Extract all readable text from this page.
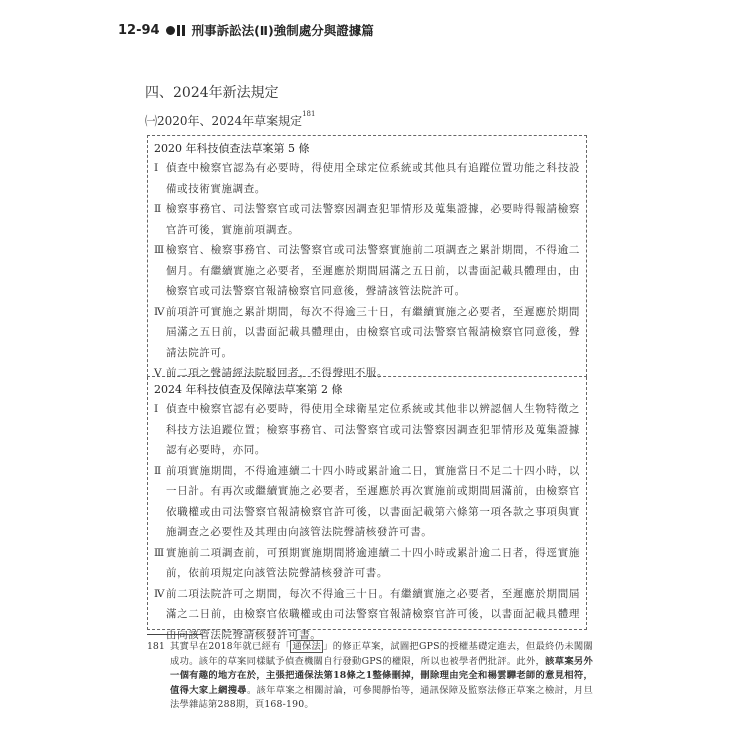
12-94	刑事訴訟法(Ⅱ)強制處分與證據篇
四、2024年新法規定
㈠2020年、2024年草案規定$^{181}$
2020 年科技偵查法草案第 5 條
Ⅰ 偵查中檢察官認為有必要時，得使用全球定位系統或其他具有追蹤位置功能之科技設備或技術實施調查。
Ⅱ 檢察事務官、司法警察官或司法警察因調查犯罪情形及蒐集證據，必要時得報請檢察官許可後，實施前項調查。
Ⅲ 檢察官、檢察事務官、司法警察官或司法警察實施前二項調查之累計期間，不得逾二個月。有繼續實施之必要者，至遲應於期間屆滿之五日前，以書面記載具體理由，由檢察官或司法警察官報請檢察官同意後，聲請該管法院許可。
Ⅳ 前項許可實施之累計期間，每次不得逾三十日，有繼續實施之必要者，至遲應於期間屆滿之五日前，以書面記載具體理由，由檢察官或司法警察官報請檢察官同意後，聲請法院許可。
Ⅴ 前二項之聲請經法院駁回者，不得聲明不服。
2024 年科技偵查及保障法草案第 2 條
Ⅰ 偵查中檢察官認有必要時，得使用全球衛星定位系統或其他非以辨認個人生物特徵之科技方法追蹤位置；檢察事務官、司法警察官或司法警察因調查犯罪情形及蒐集證據認有必要時，亦同。
Ⅱ 前項實施期間，不得逾連續二十四小時或累計逾二日，實施當日不足二十四小時，以一日計。有再次或繼續實施之必要者，至遲應於再次實施前或期間屆滿前，由檢察官依職權或由司法警察官報請檢察官許可後，以書面記載第六條第一項各款之事項與實施調查之必要性及其理由向該管法院聲請核發許可書。
Ⅲ 實施前二項調查前，可預期實施期間將逾連續二十四小時或累計逾二日者，得逕實施前，依前項規定向該管法院聲請核發許可書。
Ⅳ 前二項法院許可之期間，每次不得逾三十日。有繼續實施之必要者，至遲應於期間屆滿之二日前，由檢察官依職權或由司法警察官報請檢察官許可後，以書面記載具體理由向該管法院聲請核發許可書。
181 其實早在2018年就已經有「 通保法 」的修正草案，試圖把GPS的授權基礎定進去，但最終仍未闖關成功。該年的草案同樣賦予偵查機關自行發動GPS的權限，所以也被學者們批評。此外，該草案另外一個有趣的地方在於，主張把通保法第18條之1整條刪掉，刪除理由完全和楊雲驊老師的意見相符，值得大家上網搜尋。該年草案之相關討論，可參閱靜怡等，通訊保障及監察法修正草案之檢討，月旦法學雜誌第288期，頁168-190。
